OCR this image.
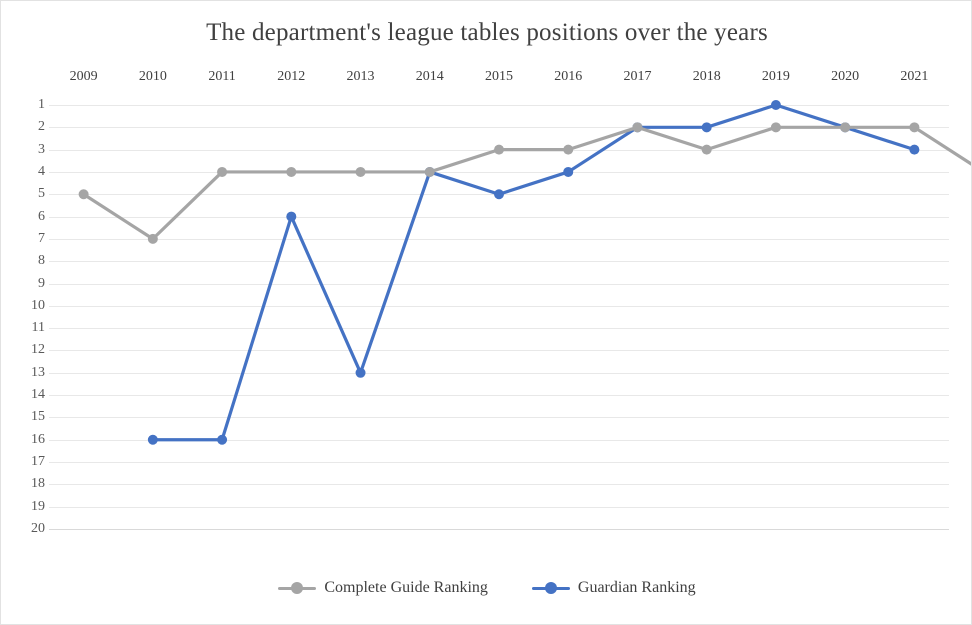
The department's league tables positions over the years
2009	2010	2011	2012	2013	2014	2015	2016	2017	2018	2019	2020	2021
1
2
3
4
5
6
7
8
9
10
11
12
13
14
15
16
17
18
19
20
Complete Guide Ranking	Guardian Ranking
